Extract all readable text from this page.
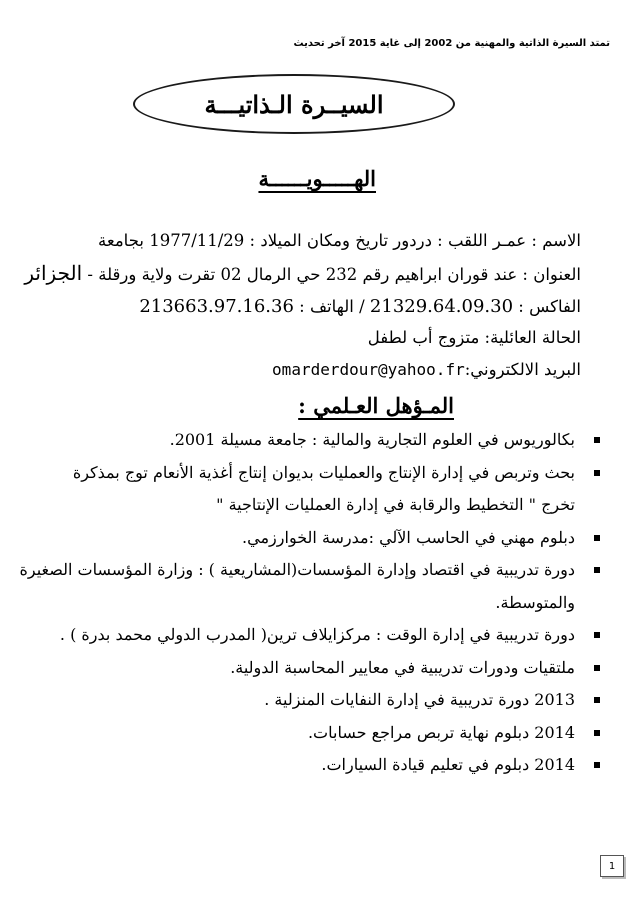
تمتد السيرة الذاتية والمهنية من 2002 إلى غاية 2015 آخر تحديث
السيــرة الـذاتيـــة
الهـــــويــــــة
الاسم : عمـر اللقب : دردور تاريخ ومكان الميلاد : 1977/11/29 بجامعة
العنوان : عند قوران ابراهيم رقم 232 حي الرمال 02 تقرت ولاية ورقلة - الجزائر
الفاكس : 21329.64.09.30 / الهاتف : 213663.97.16.36
الحالة العائلية: متزوج أب لطفل
البريد الالكتروني:omarderdour@yahoo.fr
المـؤهل العـلمي :
بكالوريوس في العلوم التجارية والمالية : جامعة مسيلة 2001.
بحث وتربص في إدارة الإنتاج والعمليات بديوان إنتاج أغذية الأنعام توج بمذكرة
تخرج " التخطيط والرقابة في إدارة العمليات الإنتاجية "
دبلوم مهني في الحاسب الآلي :مدرسة الخوارزمي.
دورة تدريبية في اقتصاد وإدارة المؤسسات(المشاريعية ) : وزارة المؤسسات الصغيرة
والمتوسطة.
دورة تدريبية في إدارة الوقت : مركزايلاف ترين( المدرب الدولي محمد بدرة ) .
ملتقيات ودورات تدريبية في معايير المحاسبة الدولية.
2013 دورة تدريبية في إدارة النفايات المنزلية .
2014 دبلوم نهاية تربص مراجع حسابات.
2014 دبلوم في تعليم قيادة السيارات.
1
